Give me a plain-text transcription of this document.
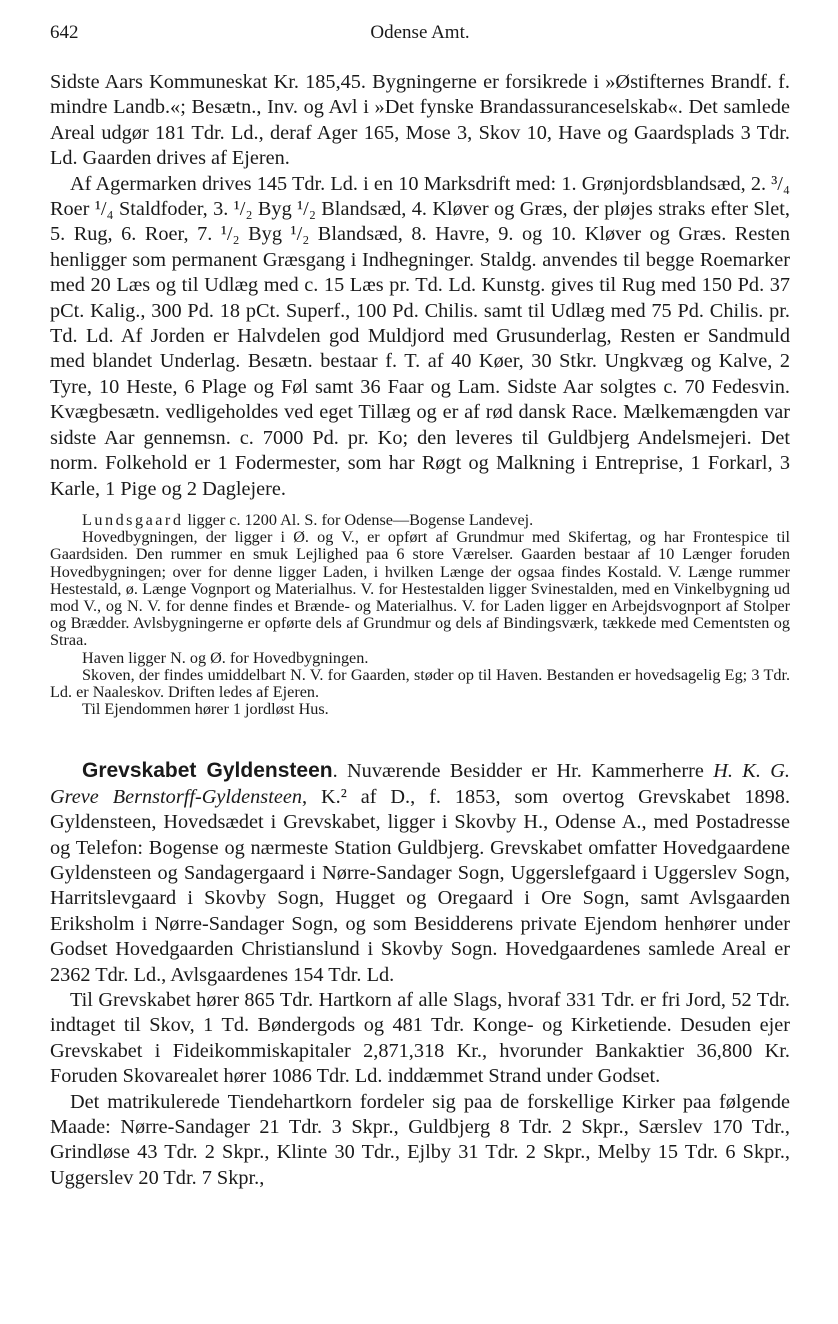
642	Odense Amt.

Sidste Aars Kommuneskat Kr. 185,45. Bygningerne er forsikrede i »Østifternes Brandf. f. mindre Landb.«; Besætn., Inv. og Avl i »Det fynske Brandassuranceselskab«. Det samlede Areal udgør 181 Tdr. Ld., deraf Ager 165, Mose 3, Skov 10, Have og Gaardsplads 3 Tdr. Ld. Gaarden drives af Ejeren.

Af Agermarken drives 145 Tdr. Ld. i en 10 Marksdrift med: 1. Grønjordsblandsæd, 2. ³/₄ Roer ¹/₄ Staldfoder, 3. ¹/₂ Byg ¹/₂ Blandsæd, 4. Kløver og Græs, der pløjes straks efter Slet, 5. Rug, 6. Roer, 7. ¹/₂ Byg ¹/₂ Blandsæd, 8. Havre, 9. og 10. Kløver og Græs. Resten henligger som permanent Græsgang i Indhegninger. Staldg. anvendes til begge Roemarker med 20 Læs og til Udlæg med c. 15 Læs pr. Td. Ld. Kunstg. gives til Rug med 150 Pd. 37 pCt. Kalig., 300 Pd. 18 pCt. Superf., 100 Pd. Chilis. samt til Udlæg med 75 Pd. Chilis. pr. Td. Ld. Af Jorden er Halvdelen god Muldjord med Grusunderlag, Resten er Sandmuld med blandet Underlag. Besætn. bestaar f. T. af 40 Køer, 30 Stkr. Ungkvæg og Kalve, 2 Tyre, 10 Heste, 6 Plage og Føl samt 36 Faar og Lam. Sidste Aar solgtes c. 70 Fedesvin. Kvægbesætn. vedligeholdes ved eget Tillæg og er af rød dansk Race. Mælkemængden var sidste Aar gennemsn. c. 7000 Pd. pr. Ko; den leveres til Guldbjerg Andelsmejeri. Det norm. Folkehold er 1 Fodermester, som har Røgt og Malkning i Entreprise, 1 Forkarl, 3 Karle, 1 Pige og 2 Daglejere.

Lundsgaard ligger c. 1200 Al. S. for Odense—Bogense Landevej.

Hovedbygningen, der ligger i Ø. og V., er opført af Grundmur med Skifertag, og har Frontespice til Gaardsiden. Den rummer en smuk Lejlighed paa 6 store Værelser. Gaarden bestaar af 10 Længer foruden Hovedbygningen; over for denne ligger Laden, i hvilken Længe der ogsaa findes Kostald. V. Længe rummer Hestestald, ø. Længe Vognport og Materialhus. V. for Hestestalden ligger Svinestalden, med en Vinkelbygning ud mod V., og N. V. for denne findes et Brænde- og Materialhus. V. for Laden ligger en Arbejdsvognport af Stolper og Brædder. Avlsbygningerne er opførte dels af Grundmur og dels af Bindingsværk, tækkede med Cementsten og Straa.

Haven ligger N. og Ø. for Hovedbygningen.

Skoven, der findes umiddelbart N. V. for Gaarden, støder op til Haven. Bestanden er hovedsagelig Eg; 3 Tdr. Ld. er Naaleskov. Driften ledes af Ejeren.

Til Ejendommen hører 1 jordløst Hus.

Grevskabet Gyldensteen. Nuværende Besidder er Hr. Kammerherre H. K. G. Greve Bernstorff-Gyldensteen, K.² af D., f. 1853, som overtog Grevskabet 1898. Gyldensteen, Hovedsædet i Grevskabet, ligger i Skovby H., Odense A., med Postadresse og Telefon: Bogense og nærmeste Station Guldbjerg. Grevskabet omfatter Hovedgaardene Gyldensteen og Sandagergaard i Nørre-Sandager Sogn, Uggerslefgaard i Uggerslev Sogn, Harritslevgaard i Skovby Sogn, Hugget og Oregaard i Ore Sogn, samt Avlsgaarden Eriksholm i Nørre-Sandager Sogn, og som Besidderens private Ejendom henhører under Godset Hovedgaarden Christianslund i Skovby Sogn. Hovedgaardenes samlede Areal er 2362 Tdr. Ld., Avlsgaardenes 154 Tdr. Ld.

Til Grevskabet hører 865 Tdr. Hartkorn af alle Slags, hvoraf 331 Tdr. er fri Jord, 52 Tdr. indtaget til Skov, 1 Td. Bøndergods og 481 Tdr. Konge- og Kirketiende. Desuden ejer Grevskabet i Fideikommiskapitaler 2,871,318 Kr., hvorunder Bankaktier 36,800 Kr. Foruden Skovarealet hører 1086 Tdr. Ld. inddæmmet Strand under Godset.

Det matrikulerede Tiendehartkorn fordeler sig paa de forskellige Kirker paa følgende Maade: Nørre-Sandager 21 Tdr. 3 Skpr., Guldbjerg 8 Tdr. 2 Skpr., Særslev 170 Tdr., Grindløse 43 Tdr. 2 Skpr., Klinte 30 Tdr., Ejlby 31 Tdr. 2 Skpr., Melby 15 Tdr. 6 Skpr., Uggerslev 20 Tdr. 7 Skpr.,
